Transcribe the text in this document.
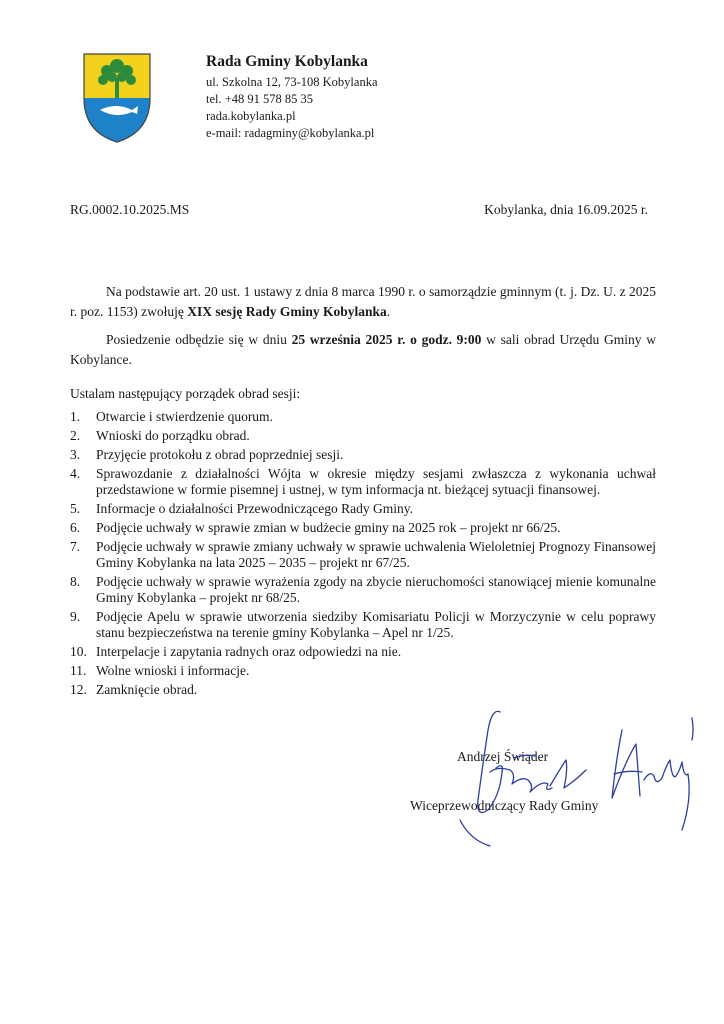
Rada Gminy Kobylanka
ul. Szkolna 12, 73-108 Kobylanka
tel. +48 91 578 85 35
rada.kobylanka.pl
e-mail: radagminy@kobylanka.pl
RG.0002.10.2025.MS	Kobylanka, dnia 16.09.2025 r.
Na podstawie art. 20 ust. 1 ustawy z dnia 8 marca 1990 r. o samorządzie gminnym (t. j. Dz. U. z 2025 r. poz. 1153) zwołuję XIX sesję Rady Gminy Kobylanka.
Posiedzenie odbędzie się w dniu 25 września 2025 r. o godz. 9:00 w sali obrad Urzędu Gminy w Kobylance.
Ustalam następujący porządek obrad sesji:
1. Otwarcie i stwierdzenie quorum.
2. Wnioski do porządku obrad.
3. Przyjęcie protokołu z obrad poprzedniej sesji.
4. Sprawozdanie z działalności Wójta w okresie między sesjami zwłaszcza z wykonania uchwał przedstawione w formie pisemnej i ustnej, w tym informacja nt. bieżącej sytuacji finansowej.
5. Informacje o działalności Przewodniczącego Rady Gminy.
6. Podjęcie uchwały w sprawie zmian w budżecie gminy na 2025 rok – projekt nr 66/25.
7. Podjęcie uchwały w sprawie zmiany uchwały w sprawie uchwalenia Wieloletniej Prognozy Finansowej Gminy Kobylanka na lata 2025 – 2035 – projekt nr 67/25.
8. Podjęcie uchwały w sprawie wyrażenia zgody na zbycie nieruchomości stanowiącej mienie komunalne Gminy Kobylanka – projekt nr 68/25.
9. Podjęcie Apelu w sprawie utworzenia siedziby Komisariatu Policji w Morzyczynie w celu poprawy stanu bezpieczeństwa na terenie gminy Kobylanka – Apel nr 1/25.
10. Interpelacje i zapytania radnych oraz odpowiedzi na nie.
11. Wolne wnioski i informacje.
12. Zamknięcie obrad.
Andrzej Świąder
Wiceprzewodniczący Rady Gminy
